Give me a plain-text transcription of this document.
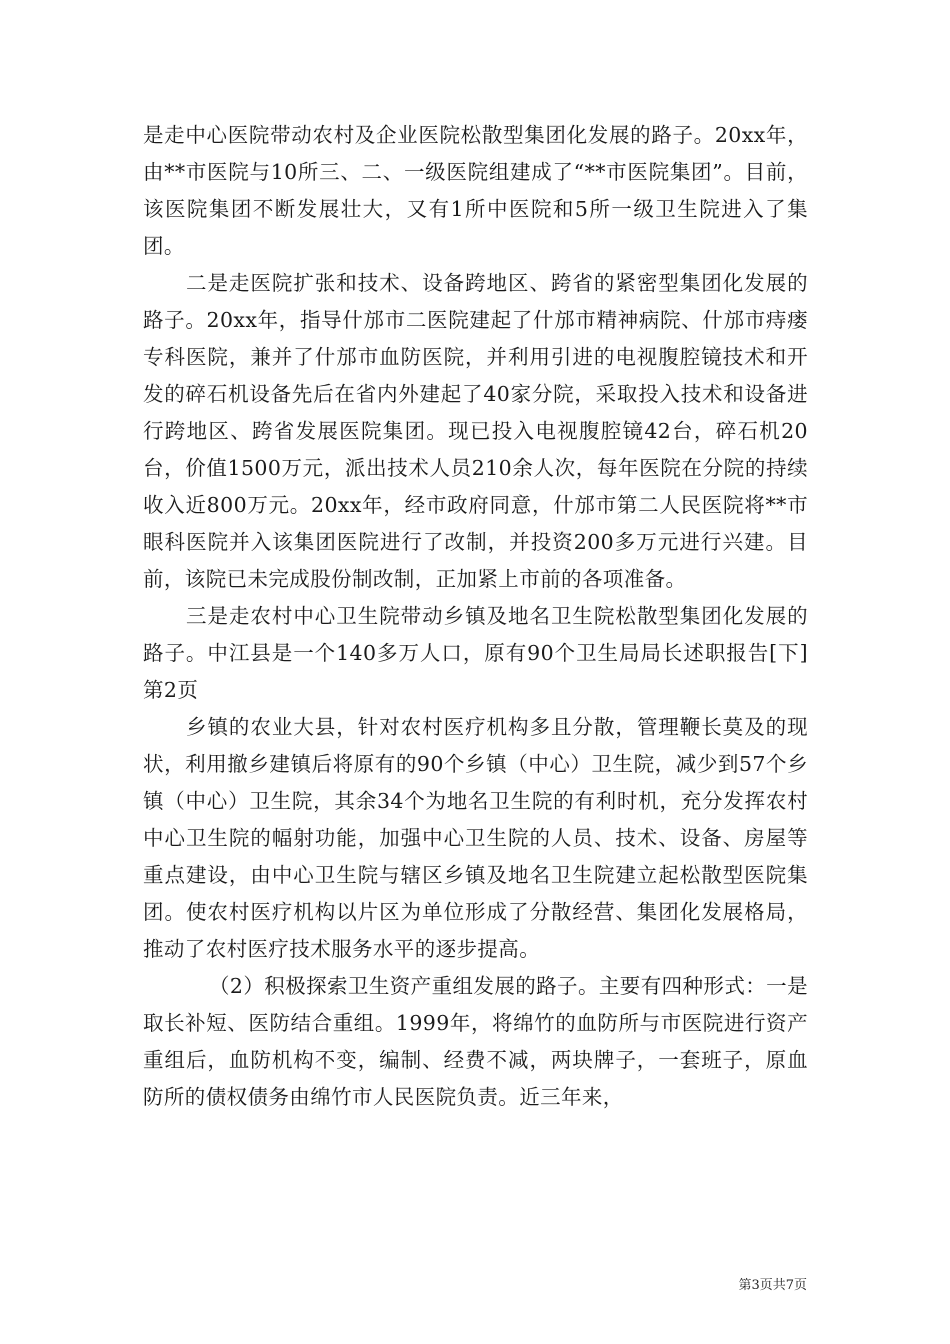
是走中心医院带动农村及企业医院松散型集团化发展的路子。20xx年，由**市医院与10所三、二、一级医院组建成了“**市医院集团”。目前，该医院集团不断发展壮大，又有1所中医院和5所一级卫生院进入了集团。

二是走医院扩张和技术、设备跨地区、跨省的紧密型集团化发展的路子。20xx年，指导什邡市二医院建起了什邡市精神病院、什邡市痔瘘专科医院，兼并了什邡市血防医院，并利用引进的电视腹腔镜技术和开发的碎石机设备先后在省内外建起了40家分院，采取投入技术和设备进行跨地区、跨省发展医院集团。现已投入电视腹腔镜42台，碎石机20台，价值1500万元，派出技术人员210余人次，每年医院在分院的持续收入近800万元。20xx年，经市政府同意，什邡市第二人民医院将**市眼科医院并入该集团医院进行了改制，并投资200多万元进行兴建。目前，该院已未完成股份制改制，正加紧上市前的各项准备。

三是走农村中心卫生院带动乡镇及地名卫生院松散型集团化发展的路子。中江县是一个140多万人口，原有90个卫生局局长述职报告[下]第2页

乡镇的农业大县，针对农村医疗机构多且分散，管理鞭长莫及的现状，利用撤乡建镇后将原有的90个乡镇（中心）卫生院，减少到57个乡镇（中心）卫生院，其余34个为地名卫生院的有利时机，充分发挥农村中心卫生院的幅射功能，加强中心卫生院的人员、技术、设备、房屋等重点建设，由中心卫生院与辖区乡镇及地名卫生院建立起松散型医院集团。使农村医疗机构以片区为单位形成了分散经营、集团化发展格局，推动了农村医疗技术服务水平的逐步提高。

（2）积极探索卫生资产重组发展的路子。主要有四种形式：一是取长补短、医防结合重组。1999年，将绵竹的血防所与市医院进行资产重组后，血防机构不变，编制、经费不减，两块牌子，一套班子，原血防所的债权债务由绵竹市人民医院负责。近三年来，

第3页共7页
